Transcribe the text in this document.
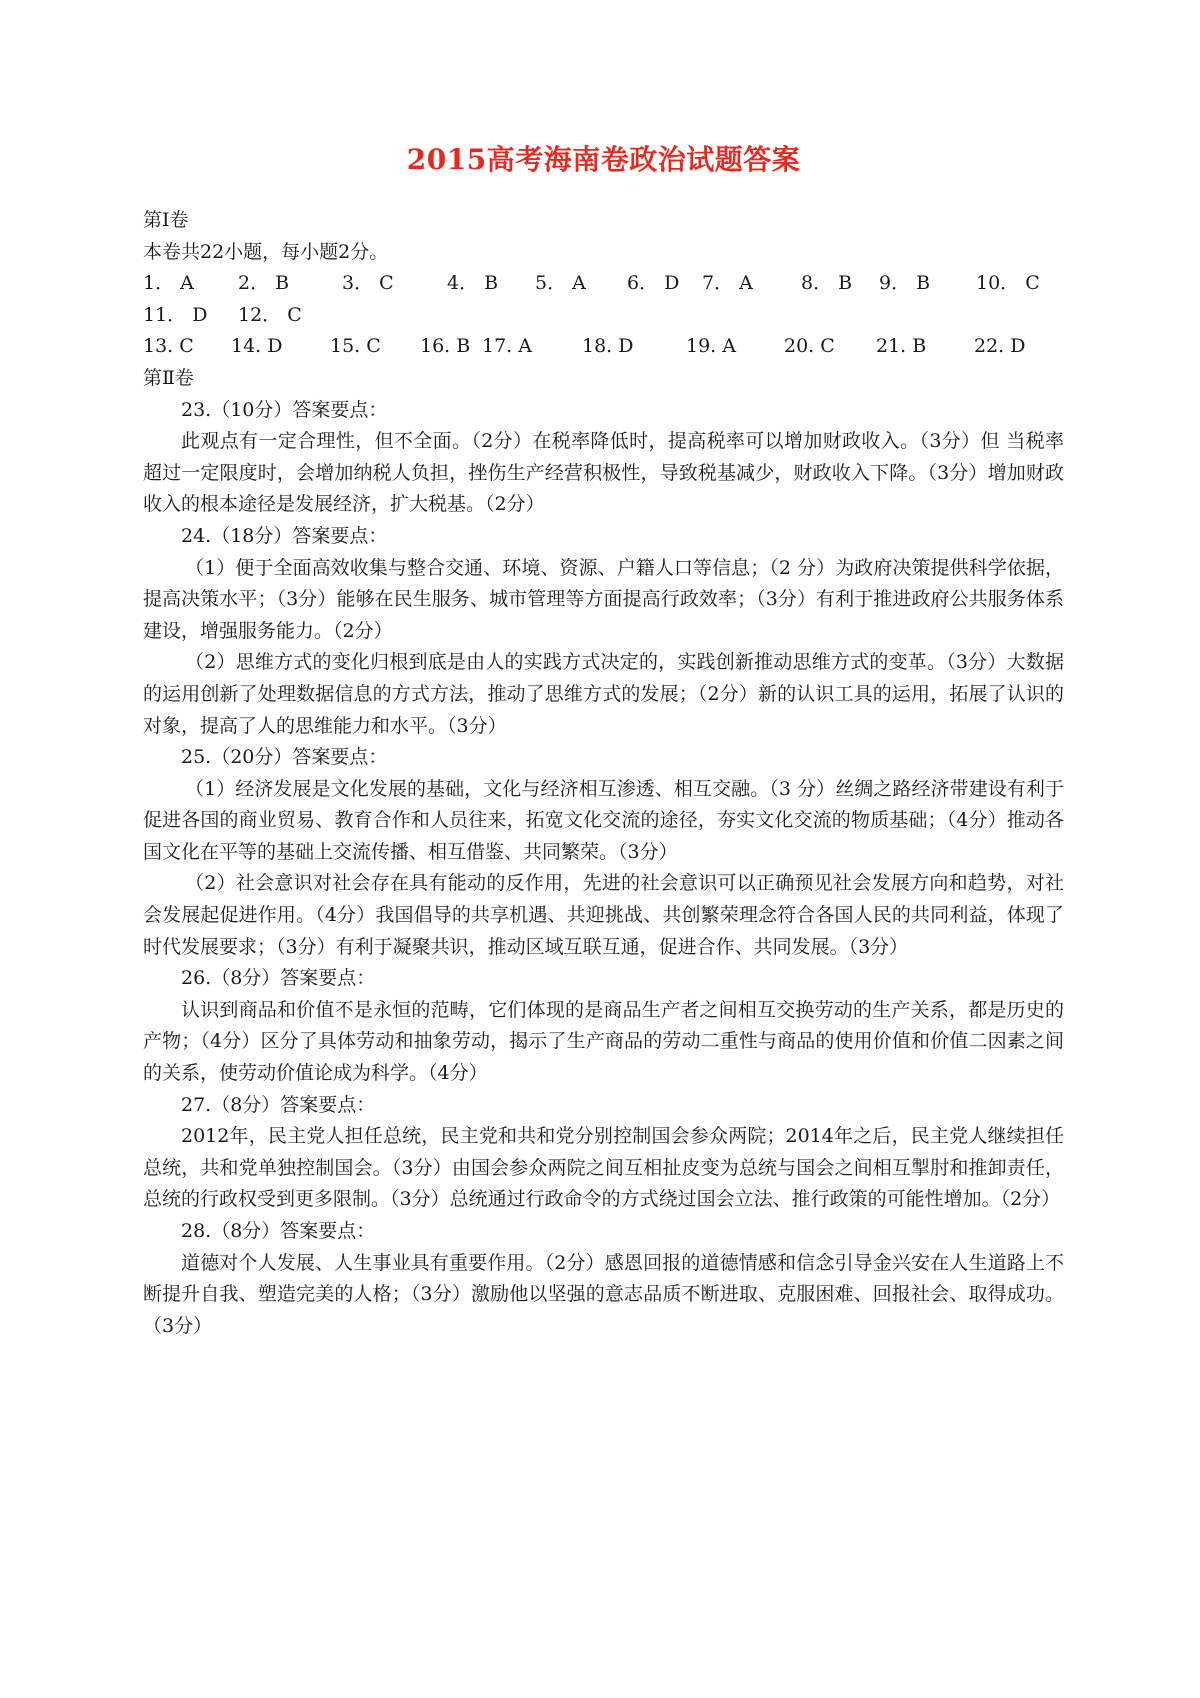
2015高考海南卷政治试题答案
第Ⅰ卷
本卷共22小题，每小题2分。
1． A	2． B	3． C	4． B	5． A	6． D	7． A	8． B	9． B	10． C
11． D	12． C
13. C	14. D	15. C	16. B 17. A	18. D	19. A	20. C	21. B	22. D
第Ⅱ卷
23.（10分）答案要点：
此观点有一定合理性，但不全面。（2分）在税率降低时，提高税率可以增加财政收入。（3分）但 当税率超过一定限度时，会增加纳税人负担，挫伤生产经营积极性，导致税基减少，财政收入下降。（3分）增加财政收入的根本途径是发展经济，扩大税基。（2分）
24.（18分）答案要点：
（1）便于全面高效收集与整合交通、环境、资源、户籍人口等信息；（2 分）为政府决策提供科学依据，提高决策水平；（3分）能够在民生服务、城市管理等方面提高行政效率；（3分）有利于推进政府公共服务体系建设，增强服务能力。（2分）
（2）思维方式的变化归根到底是由人的实践方式决定的，实践创新推动思维方式的变革。（3分）大数据的运用创新了处理数据信息的方式方法，推动了思维方式的发展；（2分）新的认识工具的运用，拓展了认识的对象，提高了人的思维能力和水平。（3分）
25.（20分）答案要点：
（1）经济发展是文化发展的基础，文化与经济相互渗透、相互交融。（3 分）丝绸之路经济带建设有利于促进各国的商业贸易、教育合作和人员往来，拓宽文化交流的途径，夯实文化交流的物质基础；（4分）推动各国文化在平等的基础上交流传播、相互借鉴、共同繁荣。（3分）
（2）社会意识对社会存在具有能动的反作用，先进的社会意识可以正确预见社会发展方向和趋势，对社会发展起促进作用。（4分）我国倡导的共享机遇、共迎挑战、共创繁荣理念符合各国人民的共同利益，体现了时代发展要求；（3分）有利于凝聚共识，推动区域互联互通，促进合作、共同发展。（3分）
26.（8分）答案要点：
认识到商品和价值不是永恒的范畴，它们体现的是商品生产者之间相互交换劳动的生产关系，都是历史的产物；（4分）区分了具体劳动和抽象劳动，揭示了生产商品的劳动二重性与商品的使用价值和价值二因素之间的关系，使劳动价值论成为科学。（4分）
27.（8分）答案要点：
2012年，民主党人担任总统，民主党和共和党分别控制国会参众两院；2014年之后，民主党人继续担任总统，共和党单独控制国会。（3分）由国会参众两院之间互相扯皮变为总统与国会之间相互掣肘和推卸责任，总统的行政权受到更多限制。（3分）总统通过行政命令的方式绕过国会立法、推行政策的可能性增加。（2分）
28.（8分）答案要点：
道德对个人发展、人生事业具有重要作用。（2分）感恩回报的道德情感和信念引导金兴安在人生道路上不断提升自我、塑造完美的人格；（3分）激励他以坚强的意志品质不断进取、克服困难、回报社会、取得成功。（3分）
